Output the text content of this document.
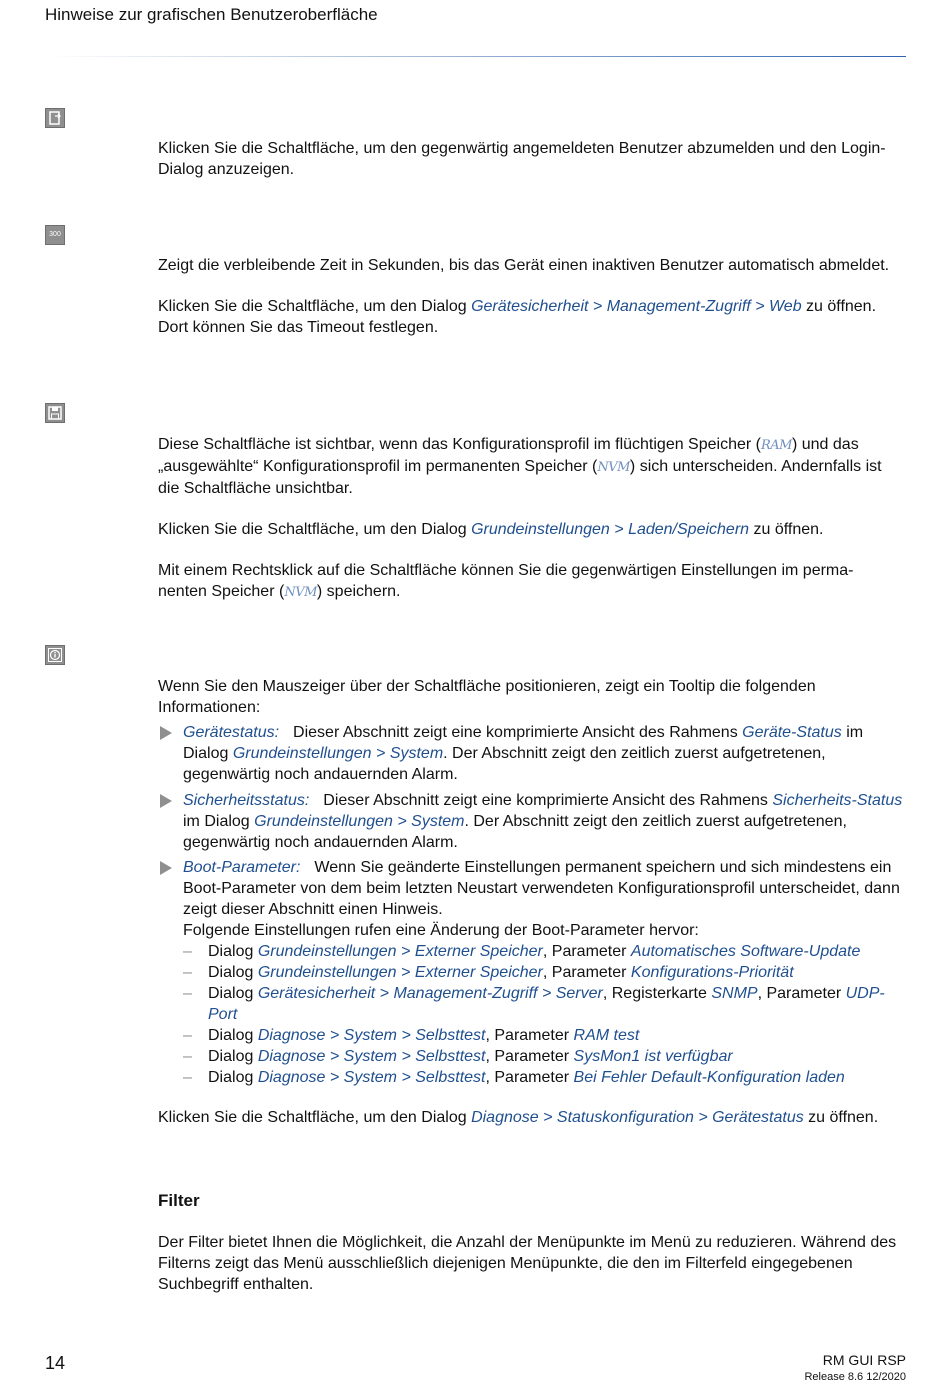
Hinweise zur grafischen Benutzeroberfläche

Klicken Sie die Schaltfläche, um den gegenwärtig angemeldeten Benutzer abzumelden und den Login-Dialog anzuzeigen.

300

Zeigt die verbleibende Zeit in Sekunden, bis das Gerät einen inaktiven Benutzer automatisch abmeldet.

Klicken Sie die Schaltfläche, um den Dialog Gerätesicherheit > Management-Zugriff > Web zu öffnen.
Dort können Sie das Timeout festlegen.

Diese Schaltfläche ist sichtbar, wenn das Konfigurationsprofil im flüchtigen Speicher (RAM) und das „ausgewählte“ Konfigurationsprofil im permanenten Speicher (NVM) sich unterscheiden. Andernfalls ist die Schaltfläche unsichtbar.

Klicken Sie die Schaltfläche, um den Dialog Grundeinstellungen > Laden/Speichern zu öffnen.

Mit einem Rechtsklick auf die Schaltfläche können Sie die gegenwärtigen Einstellungen im perma-
nenten Speicher (NVM) speichern.

Wenn Sie den Mauszeiger über der Schaltfläche positionieren, zeigt ein Tooltip die folgenden Informationen:

Gerätestatus: Dieser Abschnitt zeigt eine komprimierte Ansicht des Rahmens Geräte-Status im Dialog Grundeinstellungen > System. Der Abschnitt zeigt den zeitlich zuerst aufgetretenen, gegenwärtig noch andauernden Alarm.
Sicherheitsstatus: Dieser Abschnitt zeigt eine komprimierte Ansicht des Rahmens Sicherheits-Status im Dialog Grundeinstellungen > System. Der Abschnitt zeigt den zeitlich zuerst aufgetretenen, gegenwärtig noch andauernden Alarm.
Boot-Parameter: Wenn Sie geänderte Einstellungen permanent speichern und sich mindestens ein Boot-Parameter von dem beim letzten Neustart verwendeten Konfigurationsprofil unterscheidet, dann zeigt dieser Abschnitt einen Hinweis.
Folgende Einstellungen rufen eine Änderung der Boot-Parameter hervor:
– Dialog Grundeinstellungen > Externer Speicher, Parameter Automatisches Software-Update
– Dialog Grundeinstellungen > Externer Speicher, Parameter Konfigurations-Priorität
– Dialog Gerätesicherheit > Management-Zugriff > Server, Registerkarte SNMP, Parameter UDP-Port
– Dialog Diagnose > System > Selbsttest, Parameter RAM test
– Dialog Diagnose > System > Selbsttest, Parameter SysMon1 ist verfügbar
– Dialog Diagnose > System > Selbsttest, Parameter Bei Fehler Default-Konfiguration laden

Klicken Sie die Schaltfläche, um den Dialog Diagnose > Statuskonfiguration > Gerätestatus zu öffnen.

Filter

Der Filter bietet Ihnen die Möglichkeit, die Anzahl der Menüpunkte im Menü zu reduzieren. Während des Filterns zeigt das Menü ausschließlich diejenigen Menüpunkte, die den im Filterfeld eingegebenen Suchbegriff enthalten.

14	RM GUI RSP
Release 8.6 12/2020
